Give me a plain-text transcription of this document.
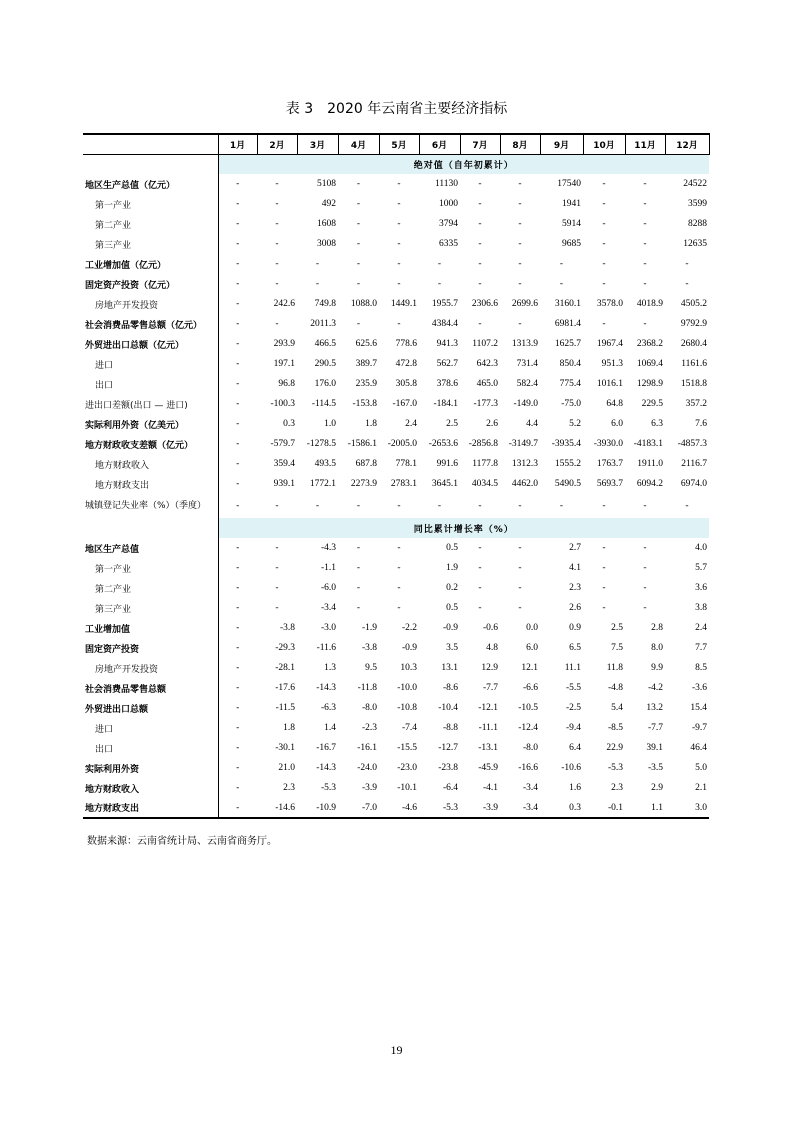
表 3　2020 年云南省主要经济指标
	1月	2月	3月	4月	5月	6月	7月	8月	9月	10月	11月	12月
	绝对值（自年初累计）											
地区生产总值（亿元）	-	-	5108	-	-	11130	-	-	17540	-	-	24522
第一产业	-	-	492	-	-	1000	-	-	1941	-	-	3599
第二产业	-	-	1608	-	-	3794	-	-	5914	-	-	8288
第三产业	-	-	3008	-	-	6335	-	-	9685	-	-	12635
工业增加值（亿元）	-	-	-	-	-	-	-	-	-	-	-	-
固定资产投资（亿元）	-	-	-	-	-	-	-	-	-	-	-	-
房地产开发投资	-	242.6	749.8	1088.0	1449.1	1955.7	2306.6	2699.6	3160.1	3578.0	4018.9	4505.2
社会消费品零售总额（亿元）	-	-	2011.3	-	-	4384.4	-	-	6981.4	-	-	9792.9
外贸进出口总额（亿元）	-	293.9	466.5	625.6	778.6	941.3	1107.2	1313.9	1625.7	1967.4	2368.2	2680.4
进口	-	197.1	290.5	389.7	472.8	562.7	642.3	731.4	850.4	951.3	1069.4	1161.6
出口	-	96.8	176.0	235.9	305.8	378.6	465.0	582.4	775.4	1016.1	1298.9	1518.8
进出口差额(出口 — 进口)	-	-100.3	-114.5	-153.8	-167.0	-184.1	-177.3	-149.0	-75.0	64.8	229.5	357.2
实际利用外资（亿美元）	-	0.3	1.0	1.8	2.4	2.5	2.6	4.4	5.2	6.0	6.3	7.6
地方财政收支差额（亿元）	-	-579.7	-1278.5	-1586.1	-2005.0	-2653.6	-2856.8	-3149.7	-3935.4	-3930.0	-4183.1	-4857.3
地方财政收入	-	359.4	493.5	687.8	778.1	991.6	1177.8	1312.3	1555.2	1763.7	1911.0	2116.7
地方财政支出	-	939.1	1772.1	2273.9	2783.1	3645.1	4034.5	4462.0	5490.5	5693.7	6094.2	6974.0
城镇登记失业率（%）（季度）	-	-	-	-	-	-	-	-	-	-	-	-
	同比累计增长率（%）											
地区生产总值	-	-	-4.3	-	-	0.5	-	-	2.7	-	-	4.0
第一产业	-	-	-1.1	-	-	1.9	-	-	4.1	-	-	5.7
第二产业	-	-	-6.0	-	-	0.2	-	-	2.3	-	-	3.6
第三产业	-	-	-3.4	-	-	0.5	-	-	2.6	-	-	3.8
工业增加值	-	-3.8	-3.0	-1.9	-2.2	-0.9	-0.6	0.0	0.9	2.5	2.8	2.4
固定资产投资	-	-29.3	-11.6	-3.8	-0.9	3.5	4.8	6.0	6.5	7.5	8.0	7.7
房地产开发投资	-	-28.1	1.3	9.5	10.3	13.1	12.9	12.1	11.1	11.8	9.9	8.5
社会消费品零售总额	-	-17.6	-14.3	-11.8	-10.0	-8.6	-7.7	-6.6	-5.5	-4.8	-4.2	-3.6
外贸进出口总额	-	-11.5	-6.3	-8.0	-10.8	-10.4	-12.1	-10.5	-2.5	5.4	13.2	15.4
进口	-	1.8	1.4	-2.3	-7.4	-8.8	-11.1	-12.4	-9.4	-8.5	-7.7	-9.7
出口	-	-30.1	-16.7	-16.1	-15.5	-12.7	-13.1	-8.0	6.4	22.9	39.1	46.4
实际利用外资	-	21.0	-14.3	-24.0	-23.0	-23.8	-45.9	-16.6	-10.6	-5.3	-3.5	5.0
地方财政收入	-	2.3	-5.3	-3.9	-10.1	-6.4	-4.1	-3.4	1.6	2.3	2.9	2.1
地方财政支出	-	-14.6	-10.9	-7.0	-4.6	-5.3	-3.9	-3.4	0.3	-0.1	1.1	3.0
数据来源：云南省统计局、云南省商务厅。
19
